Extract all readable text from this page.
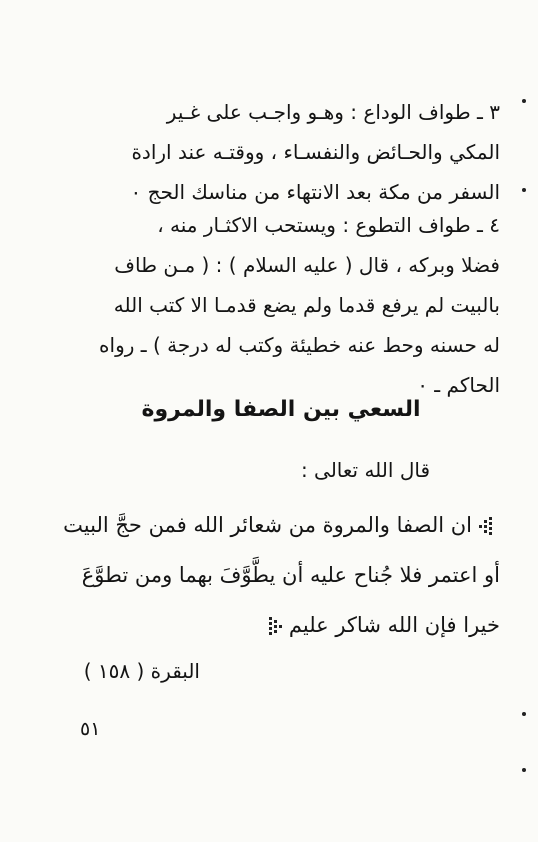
٣ ـ طواف الوداع : وهـو واجـب على غـير
المكي والحـائض والنفسـاء ، ووقتـه عند ارادة
السفر من مكة بعد الانتهاء من مناسك الحج ٠
٤ ـ طواف التطوع : ويستحب الاكثـار منه ،
فضلا وبركه ، قال ( عليه السلام ) : ( مـن طاف
بالبيت لم يرفع قدما ولم يضع قدمـا الا كتب الله
له حسنه وحط عنه خطيئة وكتب له درجة ) ـ رواه
الحاكم ـ ٠
السعي بين الصفا والمروة
قال الله تعالى :
ان الصفا والمروة من شعائر الله فمن حجَّ البيت
أو اعتمر فلا جُناح عليه أن يطَّوَّفَ بهما ومن تطوَّعَ
خيرا فإن الله شاكر عليم
البقرة ( ١٥٨ )
٥١
